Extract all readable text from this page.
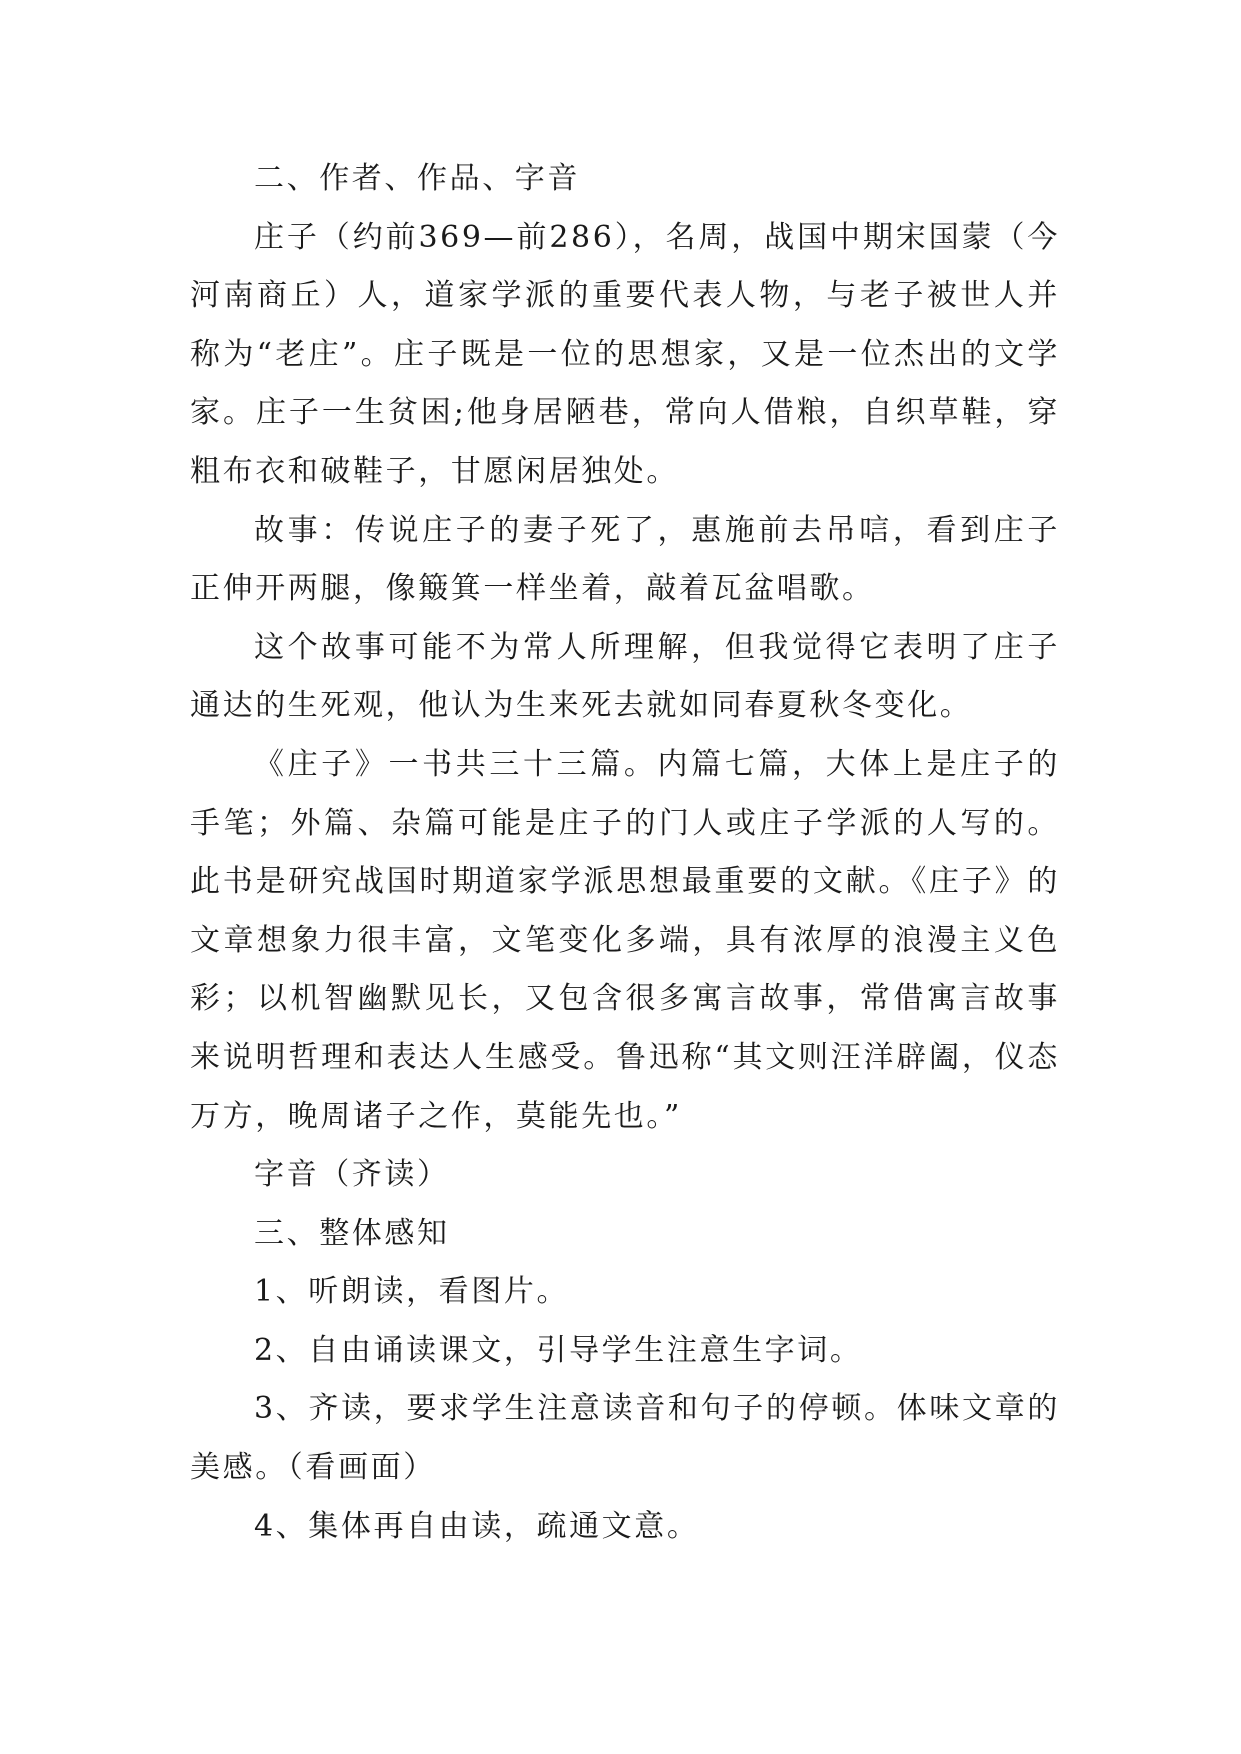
二、作者、作品、字音

庄子（约前369—前286），名周，战国中期宋国蒙（今河南商丘）人，道家学派的重要代表人物，与老子被世人并称为“老庄”。庄子既是一位的思想家，又是一位杰出的文学家。庄子一生贫困;他身居陋巷，常向人借粮，自织草鞋，穿粗布衣和破鞋子，甘愿闲居独处。

故事：传说庄子的妻子死了，惠施前去吊唁，看到庄子正伸开两腿，像簸箕一样坐着，敲着瓦盆唱歌。

这个故事可能不为常人所理解，但我觉得它表明了庄子通达的生死观，他认为生来死去就如同春夏秋冬变化。

《庄子》一书共三十三篇。内篇七篇，大体上是庄子的手笔；外篇、杂篇可能是庄子的门人或庄子学派的人写的。此书是研究战国时期道家学派思想最重要的文献。《庄子》的文章想象力很丰富，文笔变化多端，具有浓厚的浪漫主义色彩；以机智幽默见长，又包含很多寓言故事，常借寓言故事来说明哲理和表达人生感受。鲁迅称“其文则汪洋辟阖，仪态万方，晚周诸子之作，莫能先也。”

字音（齐读）

三、整体感知

1、听朗读，看图片。

2、自由诵读课文，引导学生注意生字词。

3、齐读，要求学生注意读音和句子的停顿。体味文章的美感。（看画面）

4、集体再自由读，疏通文意。
